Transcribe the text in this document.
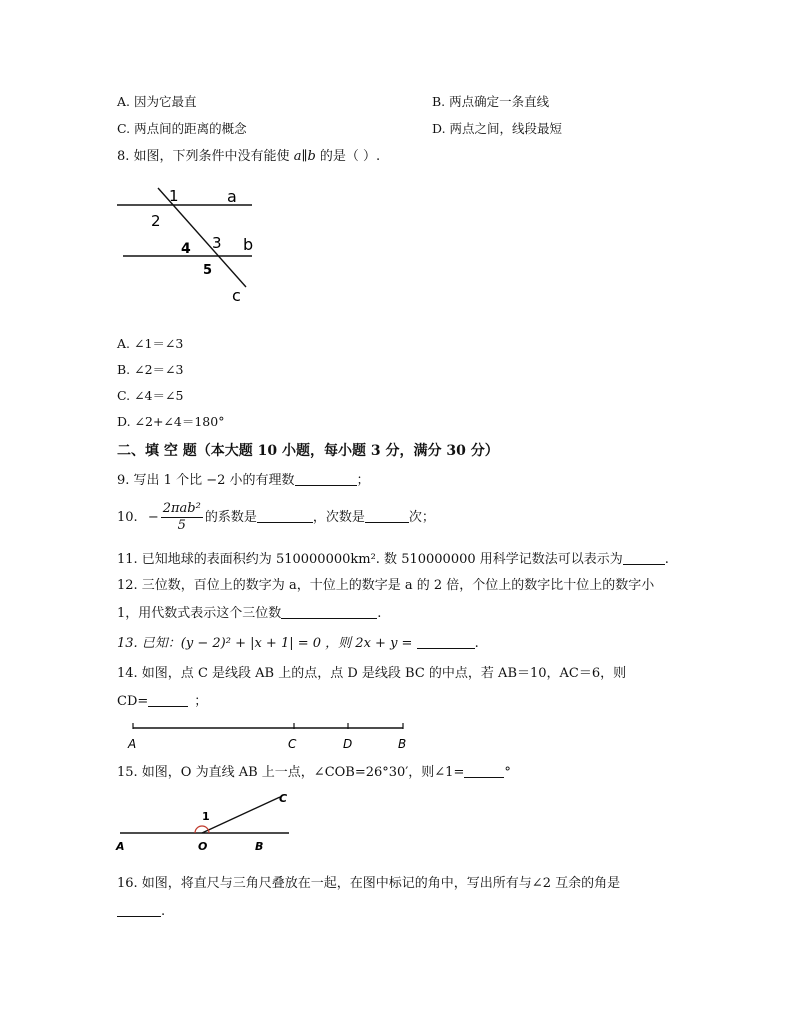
A. 因为它最直	B. 两点确定一条直线
C. 两点间的距离的概念	D. 两点之间，线段最短
8. 如图，下列条件中没有能使 a∥b 的是（ ）.
1
2
3
4
5
a
b
c
A. ∠1＝∠3
B. ∠2＝∠3
C. ∠4＝∠5
D. ∠2+∠4＝180°
二、填 空 题（本大题 10 小题，每小题 3 分，满分 30 分）
9. 写出 1 个比 −2 小的有理数	；
10. − $\frac{\text{2πab²}}{5}$ 的系数是	，次数是	次；
11. 已知地球的表面积约为 510000000km². 数 510000000 用科学记数法可以表示为	.
12. 三位数，百位上的数字为 a，十位上的数字是 a 的 2 倍，个位上的数字比十位上的数字小
1，用代数式表示这个三位数	.
13. 已知：(y − 2)² + |x + 1| = 0 ，则 2x + y =	.
14. 如图，点 C 是线段 AB 上的点，点 D 是线段 BC 的中点，若 AB＝10，AC＝6，则
CD=	；
A	C	D	B
15. 如图，O 为直线 AB 上一点，∠COB=26°30′，则∠1=	°
1
A	O	B
C
16. 如图，将直尺与三角尺叠放在一起，在图中标记的角中，写出所有与∠2 互余的角是
.
